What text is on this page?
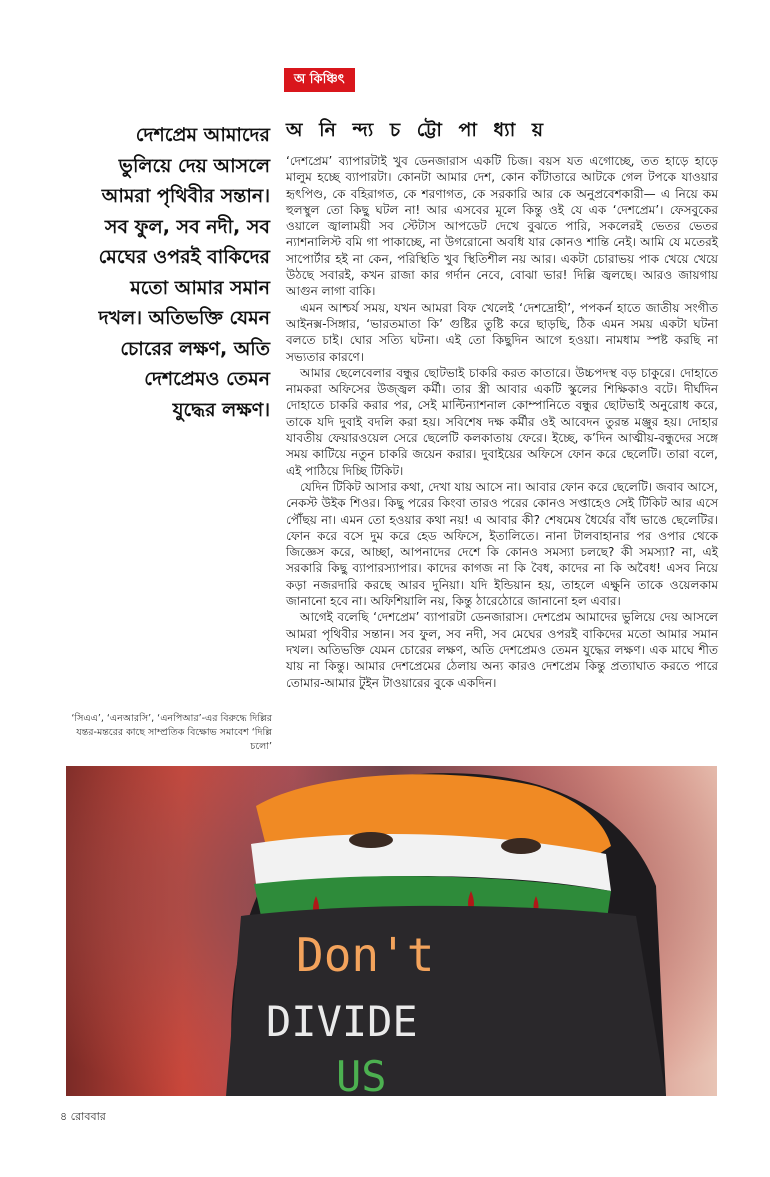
অ কিঞ্চিৎ
অ নি ন্দ্য চ ট্টো পা ধ্যা য়

দেশপ্রেম আমাদের

ভুলিয়ে দেয় আসলে

আমরা পৃথিবীর সন্তান।

সব ফুল, সব নদী, সব

মেঘের ওপরই বাকিদের

মতো আমার সমান

দখল। অতিভক্তি যেমন

চোরের লক্ষণ, অতি

দেশপ্রেমও তেমন

যুদ্ধের লক্ষণ।

‘দেশপ্রেম’ ব্যাপারটাই খুব ডেনজারাস একটি চিজ। বয়স যত এগোচ্ছে, তত হাড়ে হাড়ে মালুম হচ্ছে ব্যাপারটা। কোনটা আমার দেশ, কোন কাঁটাতারে আটকে গেল টপকে যাওয়ার হৃৎপিণ্ড, কে বহিরাগত, কে শরণাগত, কে সরকারি আর কে অনুপ্রবেশকারী— এ নিয়ে কম হুলস্থুল তো কিছু ঘটল না! আর এসবের মূলে কিন্তু ওই যে এক ‘দেশপ্রেম’। ফেসবুকের ওয়ালে জ্বালাময়ী সব স্টেটাস আপডেট দেখে বুঝতে পারি, সকলেরই ভেতর ভেতর ন্যাশনালিস্ট বমি গা পাকাচ্ছে, না উগরোনো অবধি যার কোনও শান্তি নেই। আমি যে মতেরই সাপোর্টার হই না কেন, পরিস্থিতি খুব স্থিতিশীল নয় আর। একটা চোরাভয় পাক খেয়ে খেয়ে উঠছে সবারই, কখন রাজা কার গর্দান নেবে, বোঝা ভার! দিল্লি জ্বলছে। আরও জায়গায় আগুন লাগা বাকি।

এমন আশ্চর্য সময়, যখন আমরা বিফ খেলেই ‘দেশদ্রোহী’, পপকর্ন হাতে জাতীয় সংগীত আইনক্স-সিঙ্গার, ‘ভারতমাতা কি’ গুষ্টির তুষ্টি করে ছাড়ছি, ঠিক এমন সময় একটা ঘটনা বলতে চাই। ঘোর সত্যি ঘটনা। এই তো কিছুদিন আগে হওয়া। নামধাম স্পষ্ট করছি না সভ্যতার কারণে।

আমার ছেলেবেলার বন্ধুর ছোটভাই চাকরি করত কাতারে। উচ্চপদস্থ বড় চাকুরে। দোহাতে নামকরা অফিসের উজ্জ্বল কর্মী। তার স্ত্রী আবার একটি স্কুলের শিক্ষিকাও বটে। দীর্ঘদিন দোহাতে চাকরি করার পর, সেই মাল্টিন্যাশনাল কোম্পানিতে বন্ধুর ছোটভাই অনুরোধ করে, তাকে যদি দুবাই বদলি করা হয়। সবিশেষ দক্ষ কর্মীর ওই আবেদন তুরন্ত মঞ্জুর হয়। দোহার যাবতীয় ফেয়ারওয়েল সেরে ছেলেটি কলকাতায় ফেরে। ইচ্ছে, ক’দিন আত্মীয়-বন্ধুদের সঙ্গে সময় কাটিয়ে নতুন চাকরি জয়েন করার। দুবাইয়ের অফিসে ফোন করে ছেলেটি। তারা বলে, এই পাঠিয়ে দিচ্ছি টিকিট।

যেদিন টিকিট আসার কথা, দেখা যায় আসে না। আবার ফোন করে ছেলেটি। জবাব আসে, নেকস্ট উইক শিওর। কিছু পরের কিংবা তারও পরের কোনও সপ্তাহেও সেই টিকিট আর এসে পৌঁছয় না। এমন তো হওয়ার কথা নয়! এ আবার কী? শেষমেষ ধৈর্যের বাঁধ ভাঙে ছেলেটির। ফোন করে বসে দুম করে হেড অফিসে, ইতালিতে। নানা টালবাহানার পর ওপার থেকে জিজ্ঞেস করে, আচ্ছা, আপনাদের দেশে কি কোনও সমস্যা চলছে? কী সমস্যা? না, এই সরকারি কিছু ব্যাপারস্যাপার। কাদের কাগজ না কি বৈধ, কাদের না কি অবৈধ! এসব নিয়ে কড়া নজরদারি করছে আরব দুনিয়া। যদি ইন্ডিয়ান হয়, তাহলে এক্ষুনি তাকে ওয়েলকাম জানানো হবে না। অফিশিয়ালি নয়, কিন্তু ঠারেঠোরে জানানো হল এবার।

আগেই বলেছি ‘দেশপ্রেম’ ব্যাপারটা ডেনজারাস। দেশপ্রেম আমাদের ভুলিয়ে দেয় আসলে আমরা পৃথিবীর সন্তান। সব ফুল, সব নদী, সব মেঘের ওপরই বাকিদের মতো আমার সমান দখল। অতিভক্তি যেমন চোরের লক্ষণ, অতি দেশপ্রেমও তেমন যুদ্ধের লক্ষণ। এক মাঘে শীত যায় না কিন্তু। আমার দেশপ্রেমের ঠেলায় অন্য কারও দেশপ্রেম কিন্তু প্রত্যাঘাত করতে পারে তোমার-আমার টুইন টাওয়ারের বুকে একদিন।

‘সিএএ’, ‘এনআরসি’, ‘এনপিআর’-এর বিরুদ্ধে দিল্লির যন্তর-মন্তরের কাছে সাম্প্রতিক বিক্ষোভ সমাবেশ ‘দিল্লি চলো’
Don't
DIVIDE
US
৪ রোববার
